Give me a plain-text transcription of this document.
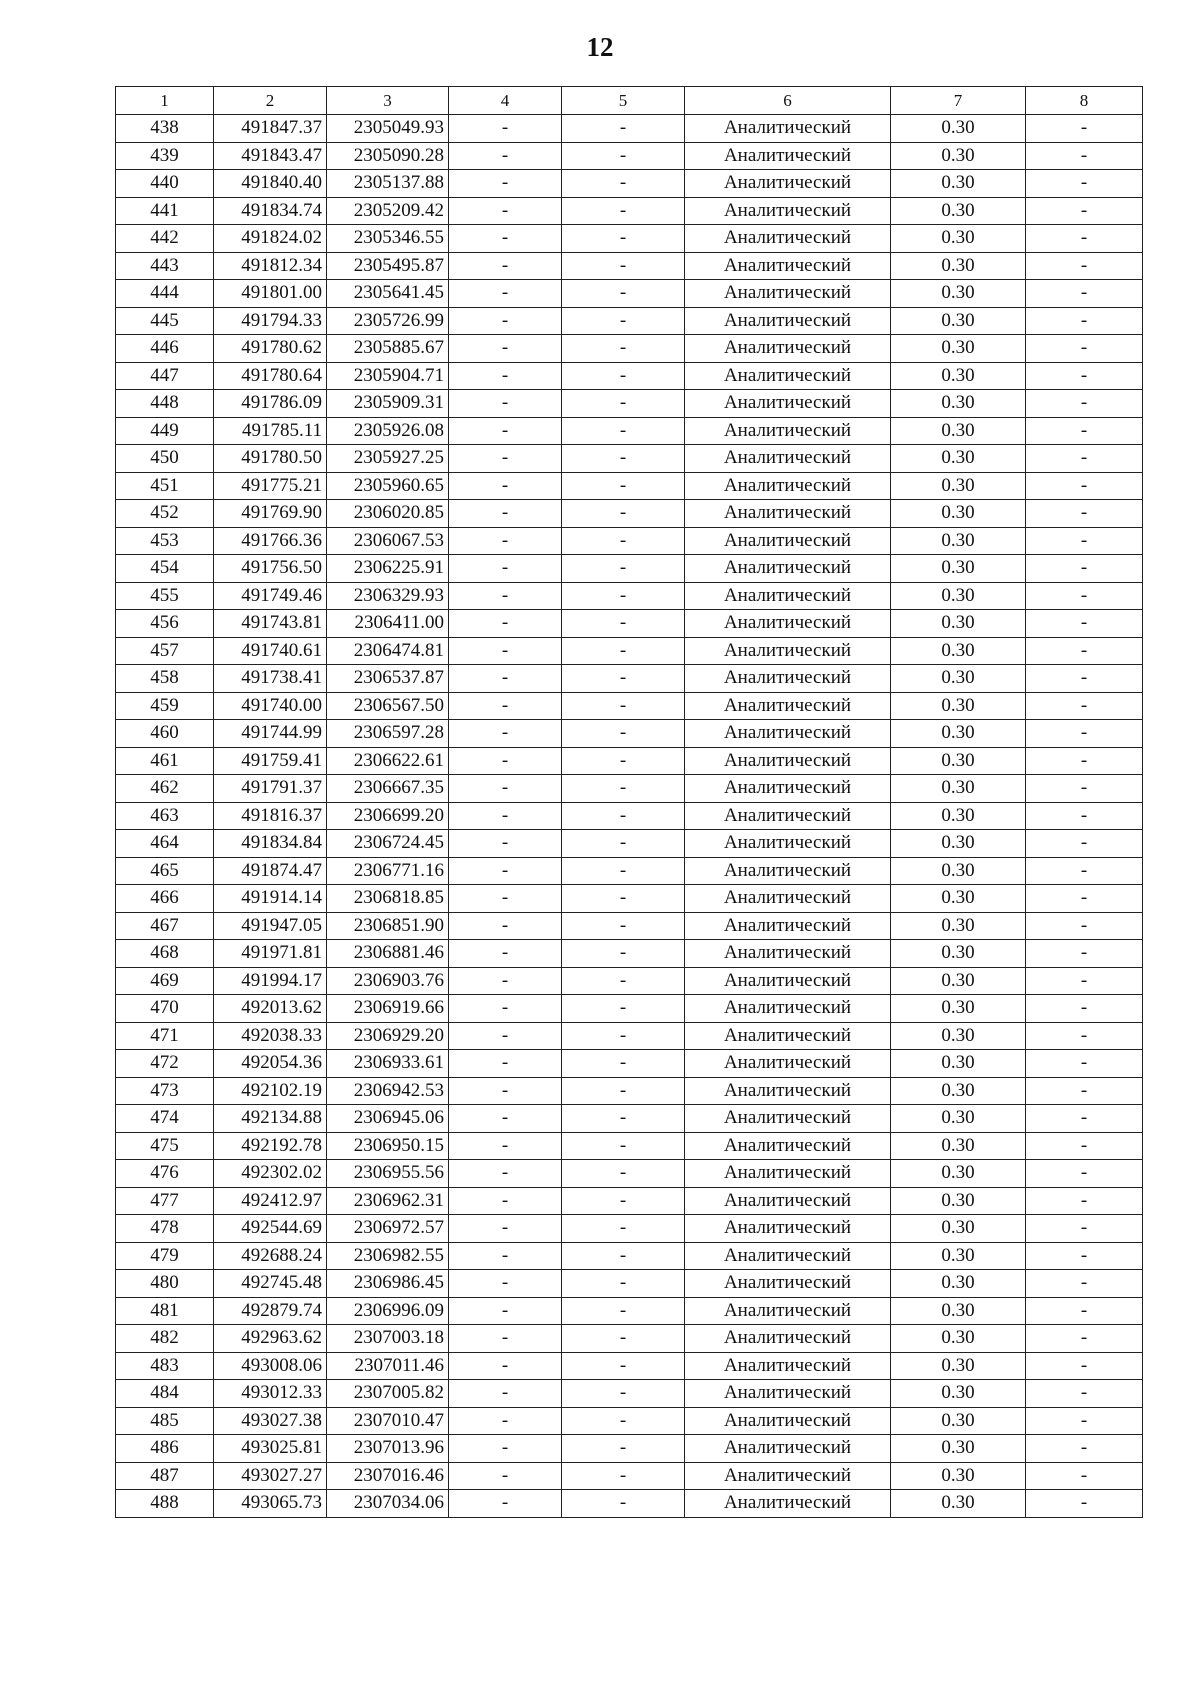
12
1	2	3	4	5	6	7	8
438	491847.37	2305049.93	-	-	Аналитический	0.30	-
439	491843.47	2305090.28	-	-	Аналитический	0.30	-
440	491840.40	2305137.88	-	-	Аналитический	0.30	-
441	491834.74	2305209.42	-	-	Аналитический	0.30	-
442	491824.02	2305346.55	-	-	Аналитический	0.30	-
443	491812.34	2305495.87	-	-	Аналитический	0.30	-
444	491801.00	2305641.45	-	-	Аналитический	0.30	-
445	491794.33	2305726.99	-	-	Аналитический	0.30	-
446	491780.62	2305885.67	-	-	Аналитический	0.30	-
447	491780.64	2305904.71	-	-	Аналитический	0.30	-
448	491786.09	2305909.31	-	-	Аналитический	0.30	-
449	491785.11	2305926.08	-	-	Аналитический	0.30	-
450	491780.50	2305927.25	-	-	Аналитический	0.30	-
451	491775.21	2305960.65	-	-	Аналитический	0.30	-
452	491769.90	2306020.85	-	-	Аналитический	0.30	-
453	491766.36	2306067.53	-	-	Аналитический	0.30	-
454	491756.50	2306225.91	-	-	Аналитический	0.30	-
455	491749.46	2306329.93	-	-	Аналитический	0.30	-
456	491743.81	2306411.00	-	-	Аналитический	0.30	-
457	491740.61	2306474.81	-	-	Аналитический	0.30	-
458	491738.41	2306537.87	-	-	Аналитический	0.30	-
459	491740.00	2306567.50	-	-	Аналитический	0.30	-
460	491744.99	2306597.28	-	-	Аналитический	0.30	-
461	491759.41	2306622.61	-	-	Аналитический	0.30	-
462	491791.37	2306667.35	-	-	Аналитический	0.30	-
463	491816.37	2306699.20	-	-	Аналитический	0.30	-
464	491834.84	2306724.45	-	-	Аналитический	0.30	-
465	491874.47	2306771.16	-	-	Аналитический	0.30	-
466	491914.14	2306818.85	-	-	Аналитический	0.30	-
467	491947.05	2306851.90	-	-	Аналитический	0.30	-
468	491971.81	2306881.46	-	-	Аналитический	0.30	-
469	491994.17	2306903.76	-	-	Аналитический	0.30	-
470	492013.62	2306919.66	-	-	Аналитический	0.30	-
471	492038.33	2306929.20	-	-	Аналитический	0.30	-
472	492054.36	2306933.61	-	-	Аналитический	0.30	-
473	492102.19	2306942.53	-	-	Аналитический	0.30	-
474	492134.88	2306945.06	-	-	Аналитический	0.30	-
475	492192.78	2306950.15	-	-	Аналитический	0.30	-
476	492302.02	2306955.56	-	-	Аналитический	0.30	-
477	492412.97	2306962.31	-	-	Аналитический	0.30	-
478	492544.69	2306972.57	-	-	Аналитический	0.30	-
479	492688.24	2306982.55	-	-	Аналитический	0.30	-
480	492745.48	2306986.45	-	-	Аналитический	0.30	-
481	492879.74	2306996.09	-	-	Аналитический	0.30	-
482	492963.62	2307003.18	-	-	Аналитический	0.30	-
483	493008.06	2307011.46	-	-	Аналитический	0.30	-
484	493012.33	2307005.82	-	-	Аналитический	0.30	-
485	493027.38	2307010.47	-	-	Аналитический	0.30	-
486	493025.81	2307013.96	-	-	Аналитический	0.30	-
487	493027.27	2307016.46	-	-	Аналитический	0.30	-
488	493065.73	2307034.06	-	-	Аналитический	0.30	-
